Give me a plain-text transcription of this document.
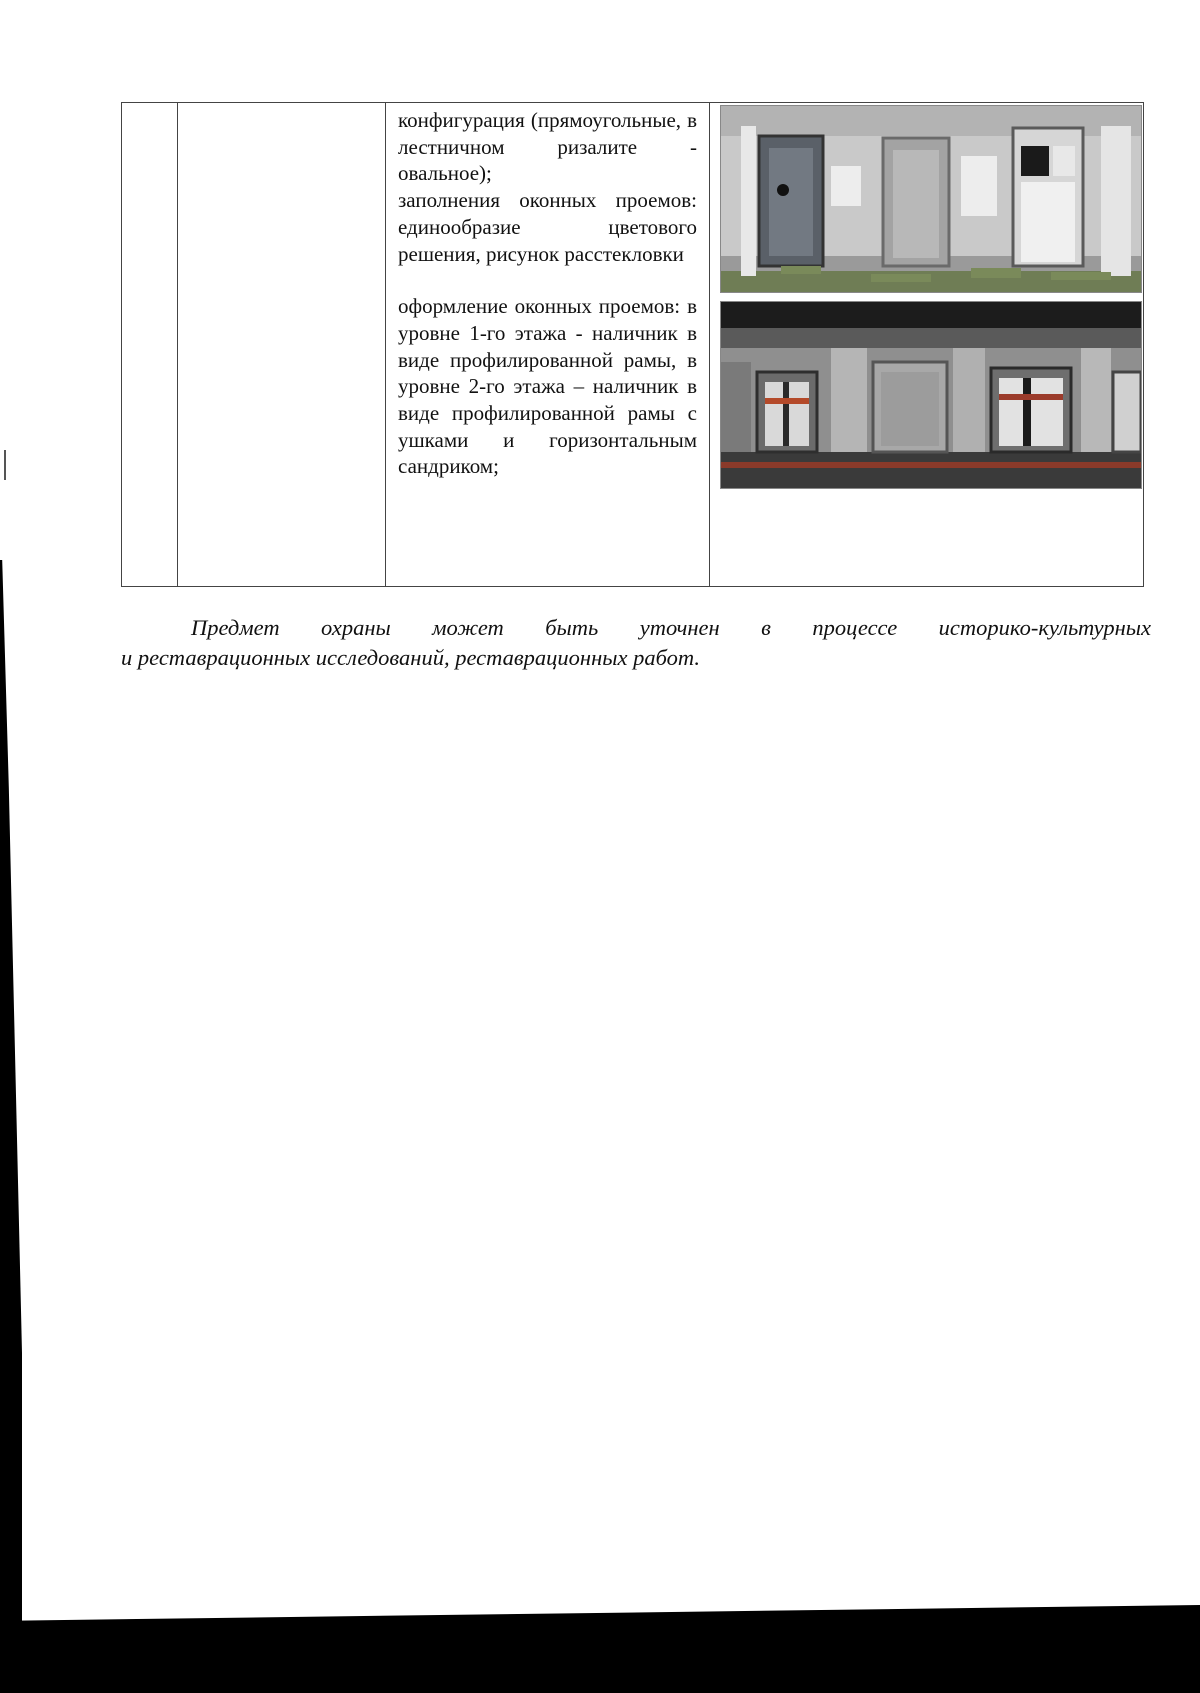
конфигурация (прямоугольные, в лестничном ризалите - овальное);

заполнения оконных проемов: единообразие цветового решения, рисунок расстекловки

оформление оконных проемов: в уровне 1-го этажа - наличник в виде профилированной рамы, в уровне 2-го этажа – наличник в виде профилированной рамы с ушками и горизонтальным сандриком;

Предмет охраны может быть уточнен в процессе историко-культурных
и реставрационных исследований, реставрационных работ.
